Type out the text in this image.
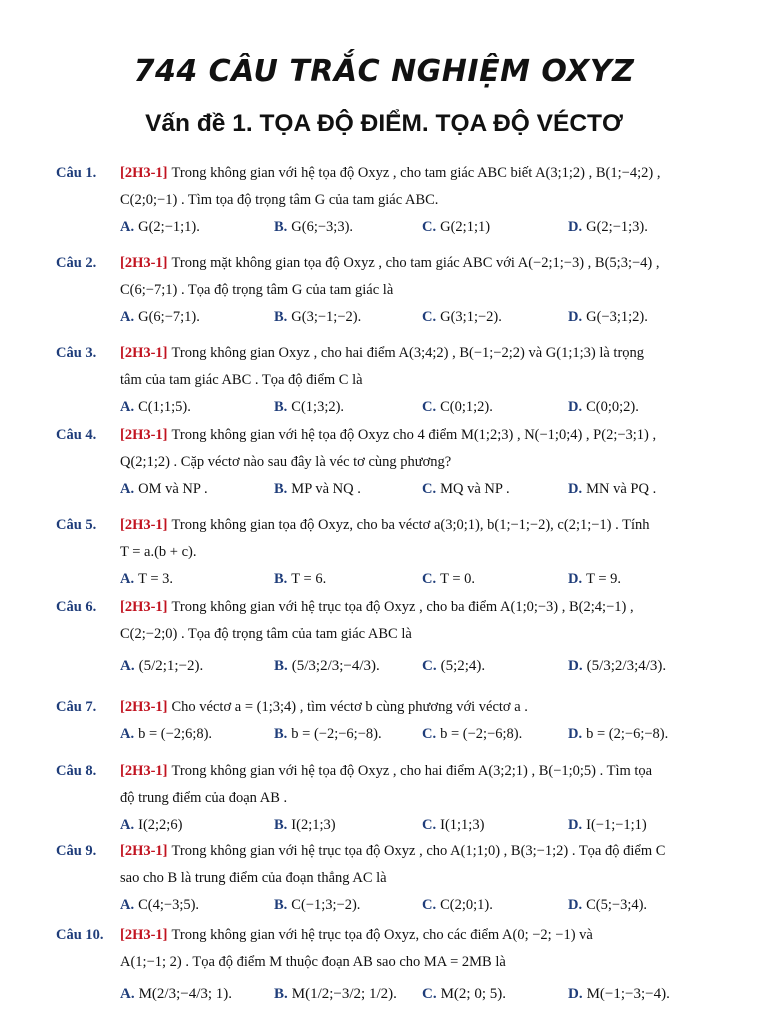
744 CÂU TRẮC NGHIỆM OXYZ
Vấn đề 1. TỌA ĐỘ ĐIỂM. TỌA ĐỘ VÉCTƠ
Câu 1. [2H3-1] Trong không gian với hệ tọa độ Oxyz , cho tam giác ABC biết A(3;1;2) , B(1;−4;2) ,
C(2;0;−1) . Tìm tọa độ trọng tâm G của tam giác ABC.
A. G(2;−1;1).	B. G(6;−3;3).	C. G(2;1;1)	D. G(2;−1;3).
Câu 2. [2H3-1] Trong mặt không gian tọa độ Oxyz , cho tam giác ABC với A(−2;1;−3) , B(5;3;−4) ,
C(6;−7;1) . Tọa độ trọng tâm G của tam giác là
A. G(6;−7;1).	B. G(3;−1;−2).	C. G(3;1;−2).	D. G(−3;1;2).
Câu 3. [2H3-1] Trong không gian Oxyz , cho hai điểm A(3;4;2) , B(−1;−2;2) và G(1;1;3) là trọng
tâm của tam giác ABC . Tọa độ điểm C là
A. C(1;1;5).	B. C(1;3;2).	C. C(0;1;2).	D. C(0;0;2).
Câu 4. [2H3-1] Trong không gian với hệ tọa độ Oxyz cho 4 điểm M(1;2;3) , N(−1;0;4) , P(2;−3;1) ,
Q(2;1;2) . Cặp véctơ nào sau đây là véc tơ cùng phương?
A. OM và NP .	B. MP và NQ .	C. MQ và NP .	D. MN và PQ .
Câu 5. [2H3-1] Trong không gian tọa độ Oxyz, cho ba véctơ a(3;0;1), b(1;−1;−2), c(2;1;−1) . Tính
T = a.(b + c).
A. T = 3.	B. T = 6.	C. T = 0.	D. T = 9.
Câu 6. [2H3-1] Trong không gian với hệ trục tọa độ Oxyz , cho ba điểm A(1;0;−3) , B(2;4;−1) ,
C(2;−2;0) . Tọa độ trọng tâm của tam giác ABC là
A. (5/2;1;−2).	B. (5/3;2/3;−4/3).	C. (5;2;4).	D. (5/3;2/3;4/3).
Câu 7. [2H3-1] Cho véctơ a = (1;3;4) , tìm véctơ b cùng phương với véctơ a .
A. b = (−2;6;8).	B. b = (−2;−6;−8).	C. b = (−2;−6;8).	D. b = (2;−6;−8).
Câu 8. [2H3-1] Trong không gian với hệ tọa độ Oxyz , cho hai điểm A(3;2;1) , B(−1;0;5) . Tìm tọa
độ trung điểm của đoạn AB .
A. I(2;2;6)	B. I(2;1;3)	C. I(1;1;3)	D. I(−1;−1;1)
Câu 9. [2H3-1] Trong không gian với hệ trục tọa độ Oxyz , cho A(1;1;0) , B(3;−1;2) . Tọa độ điểm C
sao cho B là trung điểm của đoạn thẳng AC là
A. C(4;−3;5).	B. C(−1;3;−2).	C. C(2;0;1).	D. C(5;−3;4).
Câu 10. [2H3-1] Trong không gian với hệ trục tọa độ Oxyz, cho các điểm A(0; −2; −1) và
A(1;−1; 2) . Tọa độ điểm M thuộc đoạn AB sao cho MA = 2MB là
A. M(2/3;−4/3; 1).	B. M(1/2;−3/2; 1/2). C. M(2; 0; 5).	D. M(−1;−3;−4).
